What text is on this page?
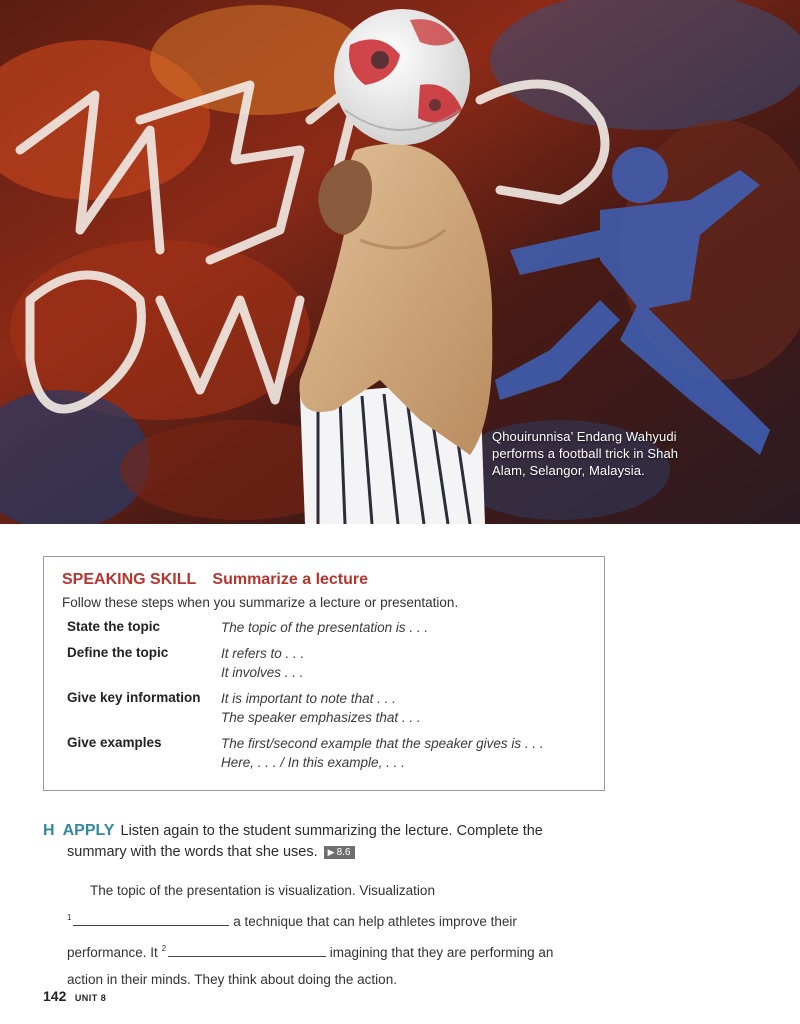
Qhouirunnisa’ Endang Wahyudi
performs a football trick in Shah
Alam, Selangor, Malaysia.
SPEAKING SKILL Summarize a lecture
Follow these steps when you summarize a lecture or presentation.
State the topic	The topic of the presentation is . . .
Define the topic	It refers to . . .
It involves . . .
Give key information	It is important to note that . . .
The speaker emphasizes that . . .
Give examples	The first/second example that the speaker gives is . . .
Here, . . . / In this example, . . .
H APPLY Listen again to the student summarizing the lecture. Complete the
summary with the words that she uses. ▶ 8.6
The topic of the presentation is visualization. Visualization
$^1$	a technique that can help athletes improve their
performance. It $^2$	imagining that they are performing an
action in their minds. They think about doing the action.
142 UNIT 8
